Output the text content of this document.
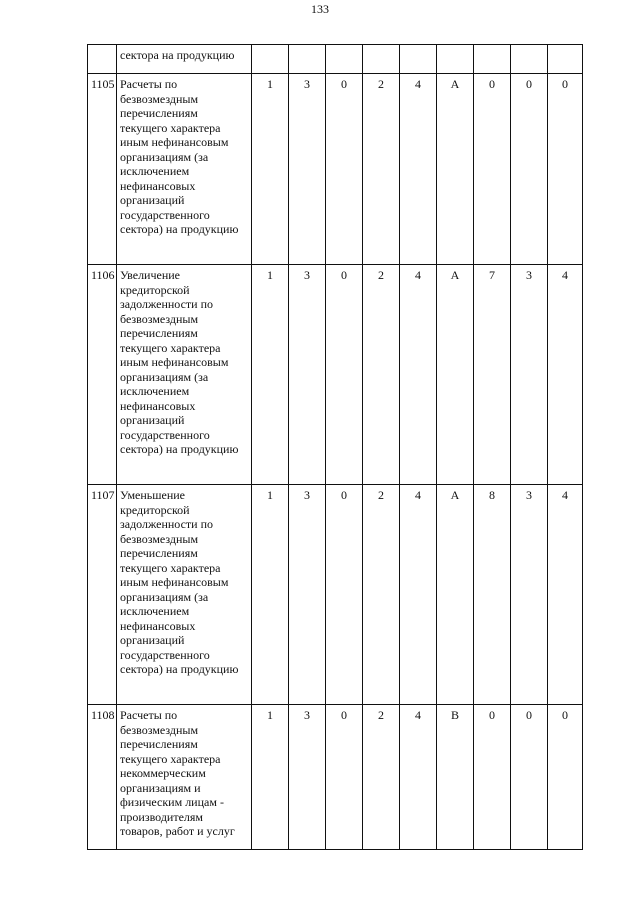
133
	сектора на продукцию									
1105	Расчеты по безвозмездным перечислениям текущего характера иным нефинансовым организациям (за исключением нефинансовых организаций государственного сектора) на продукцию	1	3	0	2	4	А	0	0	0
1106	Увеличение кредиторской задолженности по безвозмездным перечислениям текущего характера иным нефинансовым организациям (за исключением нефинансовых организаций государственного сектора) на продукцию	1	3	0	2	4	А	7	3	4
1107	Уменьшение кредиторской задолженности по безвозмездным перечислениям текущего характера иным нефинансовым организациям (за исключением нефинансовых организаций государственного сектора) на продукцию	1	3	0	2	4	А	8	3	4
1108	Расчеты по безвозмездным перечислениям текущего характера некоммерческим организациям и физическим лицам - производителям товаров, работ и услуг	1	3	0	2	4	В	0	0	0
